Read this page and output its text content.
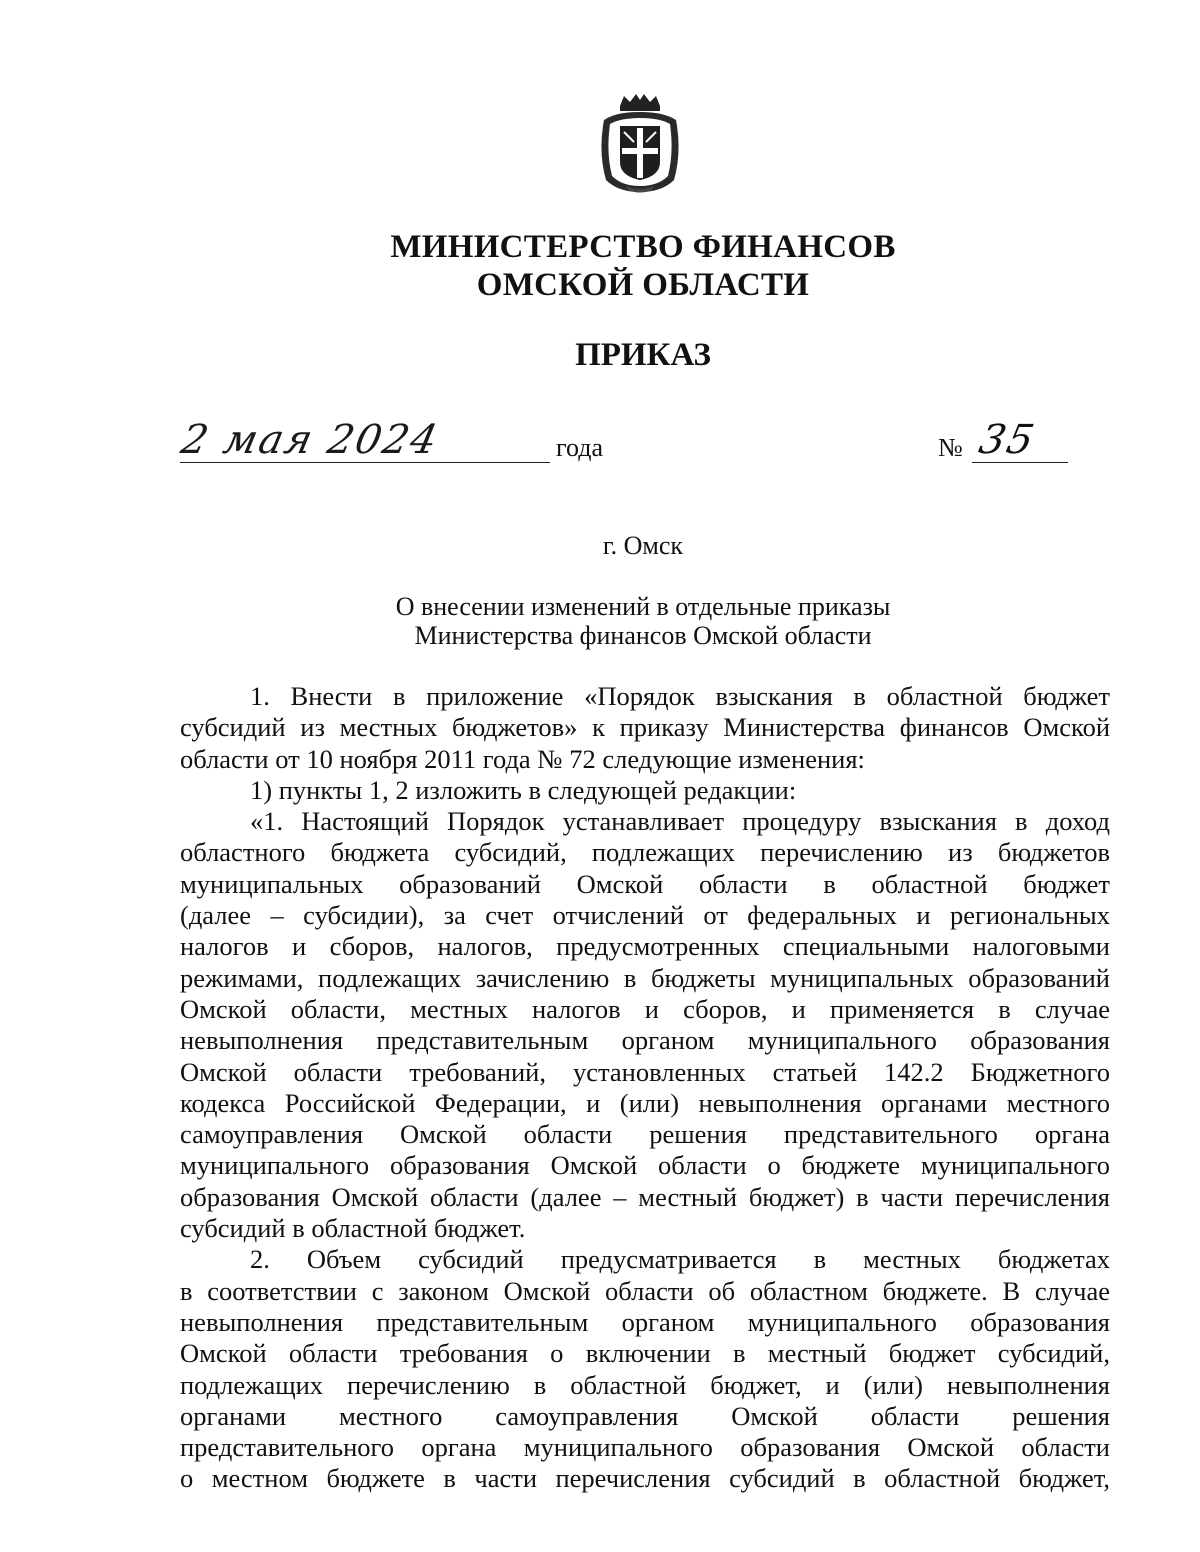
МИНИСТЕРСТВО ФИНАНСОВ
ОМСКОЙ ОБЛАСТИ
ПРИКАЗ
2 мая 2024	года	№ 35
г. Омск
О внесении изменений в отдельные приказы
Министерства финансов Омской области
1. Внести в приложение «Порядок взыскания в областной бюджет
субсидий из местных бюджетов» к приказу Министерства финансов Омской
области от 10 ноября 2011 года № 72 следующие изменения:
1) пункты 1, 2 изложить в следующей редакции:
«1. Настоящий Порядок устанавливает процедуру взыскания в доход
областного бюджета субсидий, подлежащих перечислению из бюджетов
муниципальных образований Омской области в областной бюджет
(далее – субсидии), за счет отчислений от федеральных и региональных
налогов и сборов, налогов, предусмотренных специальными налоговыми
режимами, подлежащих зачислению в бюджеты муниципальных образований
Омской области, местных налогов и сборов, и применяется в случае
невыполнения представительным органом муниципального образования
Омской области требований, установленных статьей 142.2 Бюджетного
кодекса Российской Федерации, и (или) невыполнения органами местного
самоуправления Омской области решения представительного органа
муниципального образования Омской области о бюджете муниципального
образования Омской области (далее – местный бюджет) в части перечисления
субсидий в областной бюджет.
2. Объем субсидий предусматривается в местных бюджетах
в соответствии с законом Омской области об областном бюджете. В случае
невыполнения представительным органом муниципального образования
Омской области требования о включении в местный бюджет субсидий,
подлежащих перечислению в областной бюджет, и (или) невыполнения
органами местного самоуправления Омской области решения
представительного органа муниципального образования Омской области
о местном бюджете в части перечисления субсидий в областной бюджет,
